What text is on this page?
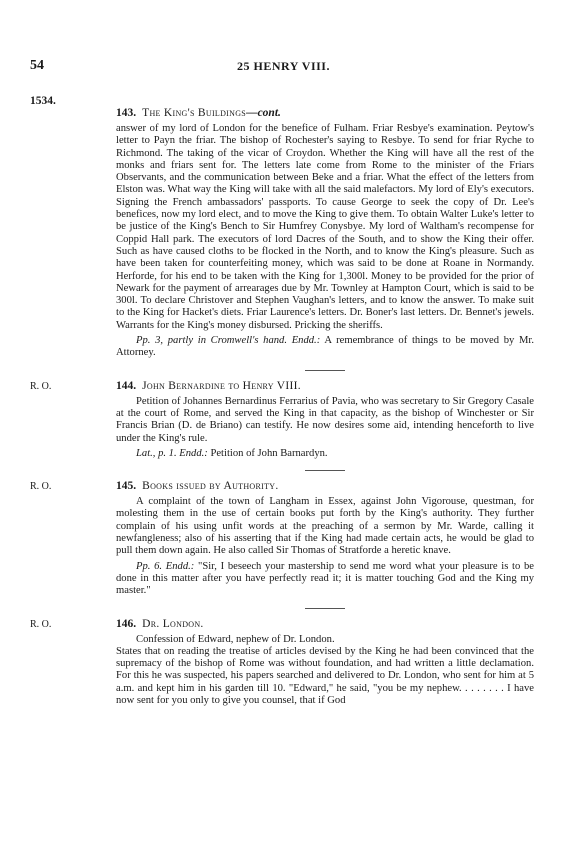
54	25 HENRY VIII.
1534.
143. The King's Buildings—cont.

answer of my lord of London for the benefice of Fulham. Friar Resbye's examination. Peytow's letter to Payn the friar. The bishop of Rochester's saying to Resbye. To send for friar Ryche to Richmond. The taking of the vicar of Croydon. Whether the King will have all the rest of the monks and friars sent for. The letters late come from Rome to the minister of the Friars Observants, and the communication between Beke and a friar. What the effect of the letters from Elston was. What way the King will take with all the said malefactors. My lord of Ely's executors. Signing the French ambassadors' passports. To cause George to seek the copy of Dr. Lee's benefices, now my lord elect, and to move the King to give them. To obtain Walter Luke's letter to be justice of the King's Bench to Sir Humfrey Conysbye. My lord of Waltham's recompense for Coppid Hall park. The executors of lord Dacres of the South, and to show the King their offer. Such as have caused cloths to be flocked in the North, and to know the King's pleasure. Such as have been taken for counterfeiting money, which was said to be done at Roane in Normandy. Herforde, for his end to be taken with the King for 1,300l. Money to be provided for the prior of Newark for the payment of arrearages due by Mr. Townley at Hampton Court, which is said to be 300l. To declare Christover and Stephen Vaughan's letters, and to know the answer. To make suit to the King for Hacket's diets. Friar Laurence's letters. Dr. Boner's last letters. Dr. Bennet's jewels. Warrants for the King's money disbursed. Pricking the sheriffs.

Pp. 3, partly in Cromwell's hand. Endd.: A remembrance of things to be moved by Mr. Attorney.

R. O.	144. John Bernardine to Henry VIII.

Petition of Johannes Bernardinus Ferrarius of Pavia, who was secretary to Sir Gregory Casale at the court of Rome, and served the King in that capacity, as the bishop of Winchester or Sir Francis Brian (D. de Briano) can testify. He now desires some aid, intending henceforth to live under the King's rule.

Lat., p. 1. Endd.: Petition of John Barnardyn.

R. O.	145. Books issued by Authority.

A complaint of the town of Langham in Essex, against John Vigorouse, questman, for molesting them in the use of certain books put forth by the King's authority. They further complain of his using unfit words at the preaching of a sermon by Mr. Warde, calling it newfangleness; also of his asserting that if the King had made certain acts, he would be glad to pull them down again. He also called Sir Thomas of Stratforde a heretic knave.

Pp. 6. Endd.: "Sir, I beseech your mastership to send me word what your pleasure is to be done in this matter after you have perfectly read it; it is matter touching God and the King my master."

R. O.	146. Dr. London.

Confession of Edward, nephew of Dr. London.

States that on reading the treatise of articles devised by the King he had been convinced that the supremacy of the bishop of Rome was without foundation, and had written a little declamation. For this he was suspected, his papers searched and delivered to Dr. London, who sent for him at 5 a.m. and kept him in his garden till 10. "Edward," he said, "you be my nephew. . . . . . . . I have now sent for you only to give you counsel, that if God
